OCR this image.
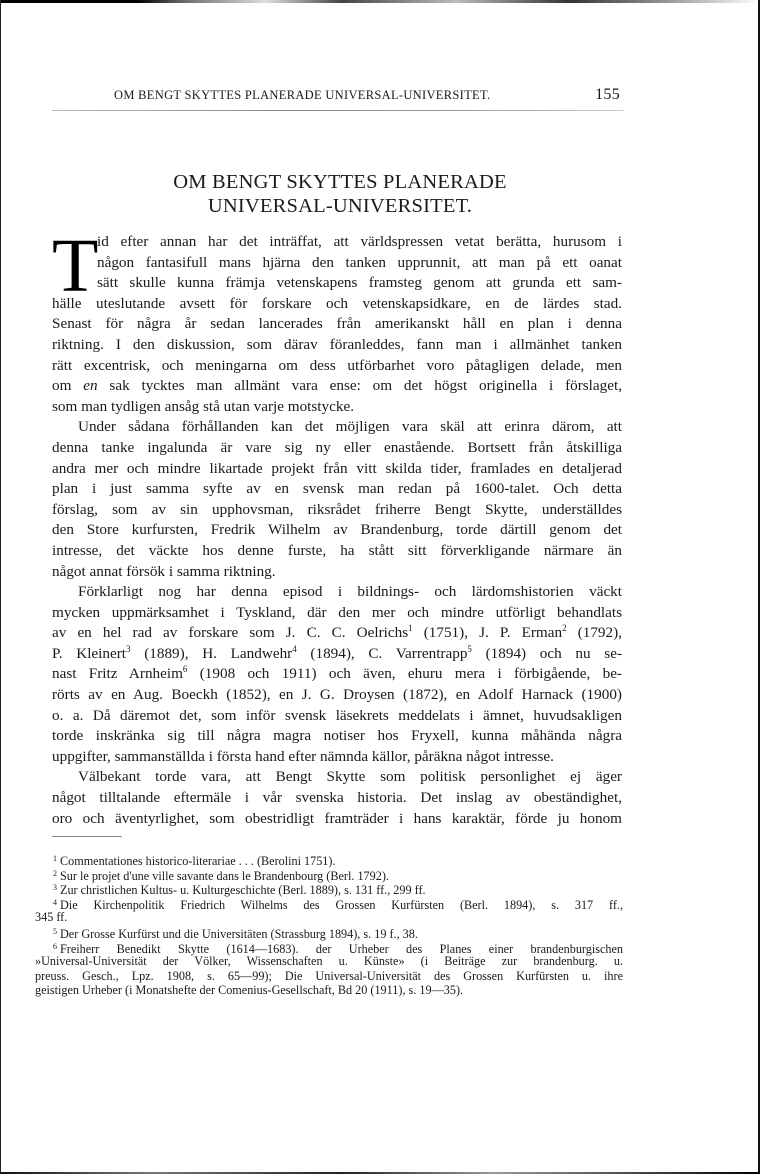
OM BENGT SKYTTES PLANERADE UNIVERSAL-UNIVERSITET.	155
OM BENGT SKYTTES PLANERADE
UNIVERSAL-UNIVERSITET.
T
id efter annan har det inträffat, att världspressen vetat berätta, hurusom i
någon fantasifull mans hjärna den tanken upprunnit, att man på ett oanat
sätt skulle kunna främja vetenskapens framsteg genom att grunda ett sam-
hälle uteslutande avsett för forskare och vetenskapsidkare, en de lärdes stad.
Senast för några år sedan lancerades från amerikanskt håll en plan i denna
riktning. I den diskussion, som därav föranleddes, fann man i allmänhet tanken
rätt excentrisk, och meningarna om dess utförbarhet voro påtagligen delade, men
om en sak tycktes man allmänt vara ense: om det högst originella i förslaget,
som man tydligen ansåg stå utan varje motstycke.
Under sådana förhållanden kan det möjligen vara skäl att erinra därom, att
denna tanke ingalunda är vare sig ny eller enastående. Bortsett från åtskilliga
andra mer och mindre likartade projekt från vitt skilda tider, framlades en detaljerad
plan i just samma syfte av en svensk man redan på 1600-talet. Och detta
förslag, som av sin upphovsman, riksrådet friherre Bengt Skytte, underställdes
den Store kurfursten, Fredrik Wilhelm av Brandenburg, torde därtill genom det
intresse, det väckte hos denne furste, ha stått sitt förverkligande närmare än
något annat försök i samma riktning.
Förklarligt nog har denna episod i bildnings- och lärdomshistorien väckt
mycken uppmärksamhet i Tyskland, där den mer och mindre utförligt behandlats
av en hel rad av forskare som J. C. C. Oelrichs$^1$ (1751), J. P. Erman$^2$ (1792),
P. Kleinert$^3$ (1889), H. Landwehr$^4$ (1894), C. Varrentrapp$^5$ (1894) och nu se-
nast Fritz Arnheim$^6$ (1908 och 1911) och även, ehuru mera i förbigående, be-
rörts av en Aug. Boeckh (1852), en J. G. Droysen (1872), en Adolf Harnack (1900)
o. a. Då däremot det, som inför svensk läsekrets meddelats i ämnet, huvudsakligen
torde inskränka sig till några magra notiser hos Fryxell, kunna måhända några
uppgifter, sammanställda i första hand efter nämnda källor, påräkna något intresse.
Välbekant torde vara, att Bengt Skytte som politisk personlighet ej äger
något tilltalande eftermäle i vår svenska historia. Det inslag av obeständighet,
oro och äventyrlighet, som obestridligt framträder i hans karaktär, förde ju honom
$^1$ Commentationes historico-literariae . . . (Berolini 1751).
$^2$ Sur le projet d'une ville savante dans le Brandenbourg (Berl. 1792).
$^3$ Zur christlichen Kultus- u. Kulturgeschichte (Berl. 1889), s. 131 ff., 299 ff.
$^4$ Die Kirchenpolitik Friedrich Wilhelms des Grossen Kurfürsten (Berl. 1894), s. 317 ff.,
345 ff.
$^5$ Der Grosse Kurfürst und die Universitäten (Strassburg 1894), s. 19 f., 38.
$^6$ Freiherr Benedikt Skytte (1614—1683). der Urheber des Planes einer brandenburgischen
»Universal-Universität der Völker, Wissenschaften u. Künste» (i Beiträge zur brandenburg. u.
preuss. Gesch., Lpz. 1908, s. 65—99); Die Universal-Universität des Grossen Kurfürsten u. ihre
geistigen Urheber (i Monatshefte der Comenius-Gesellschaft, Bd 20 (1911), s. 19—35).
